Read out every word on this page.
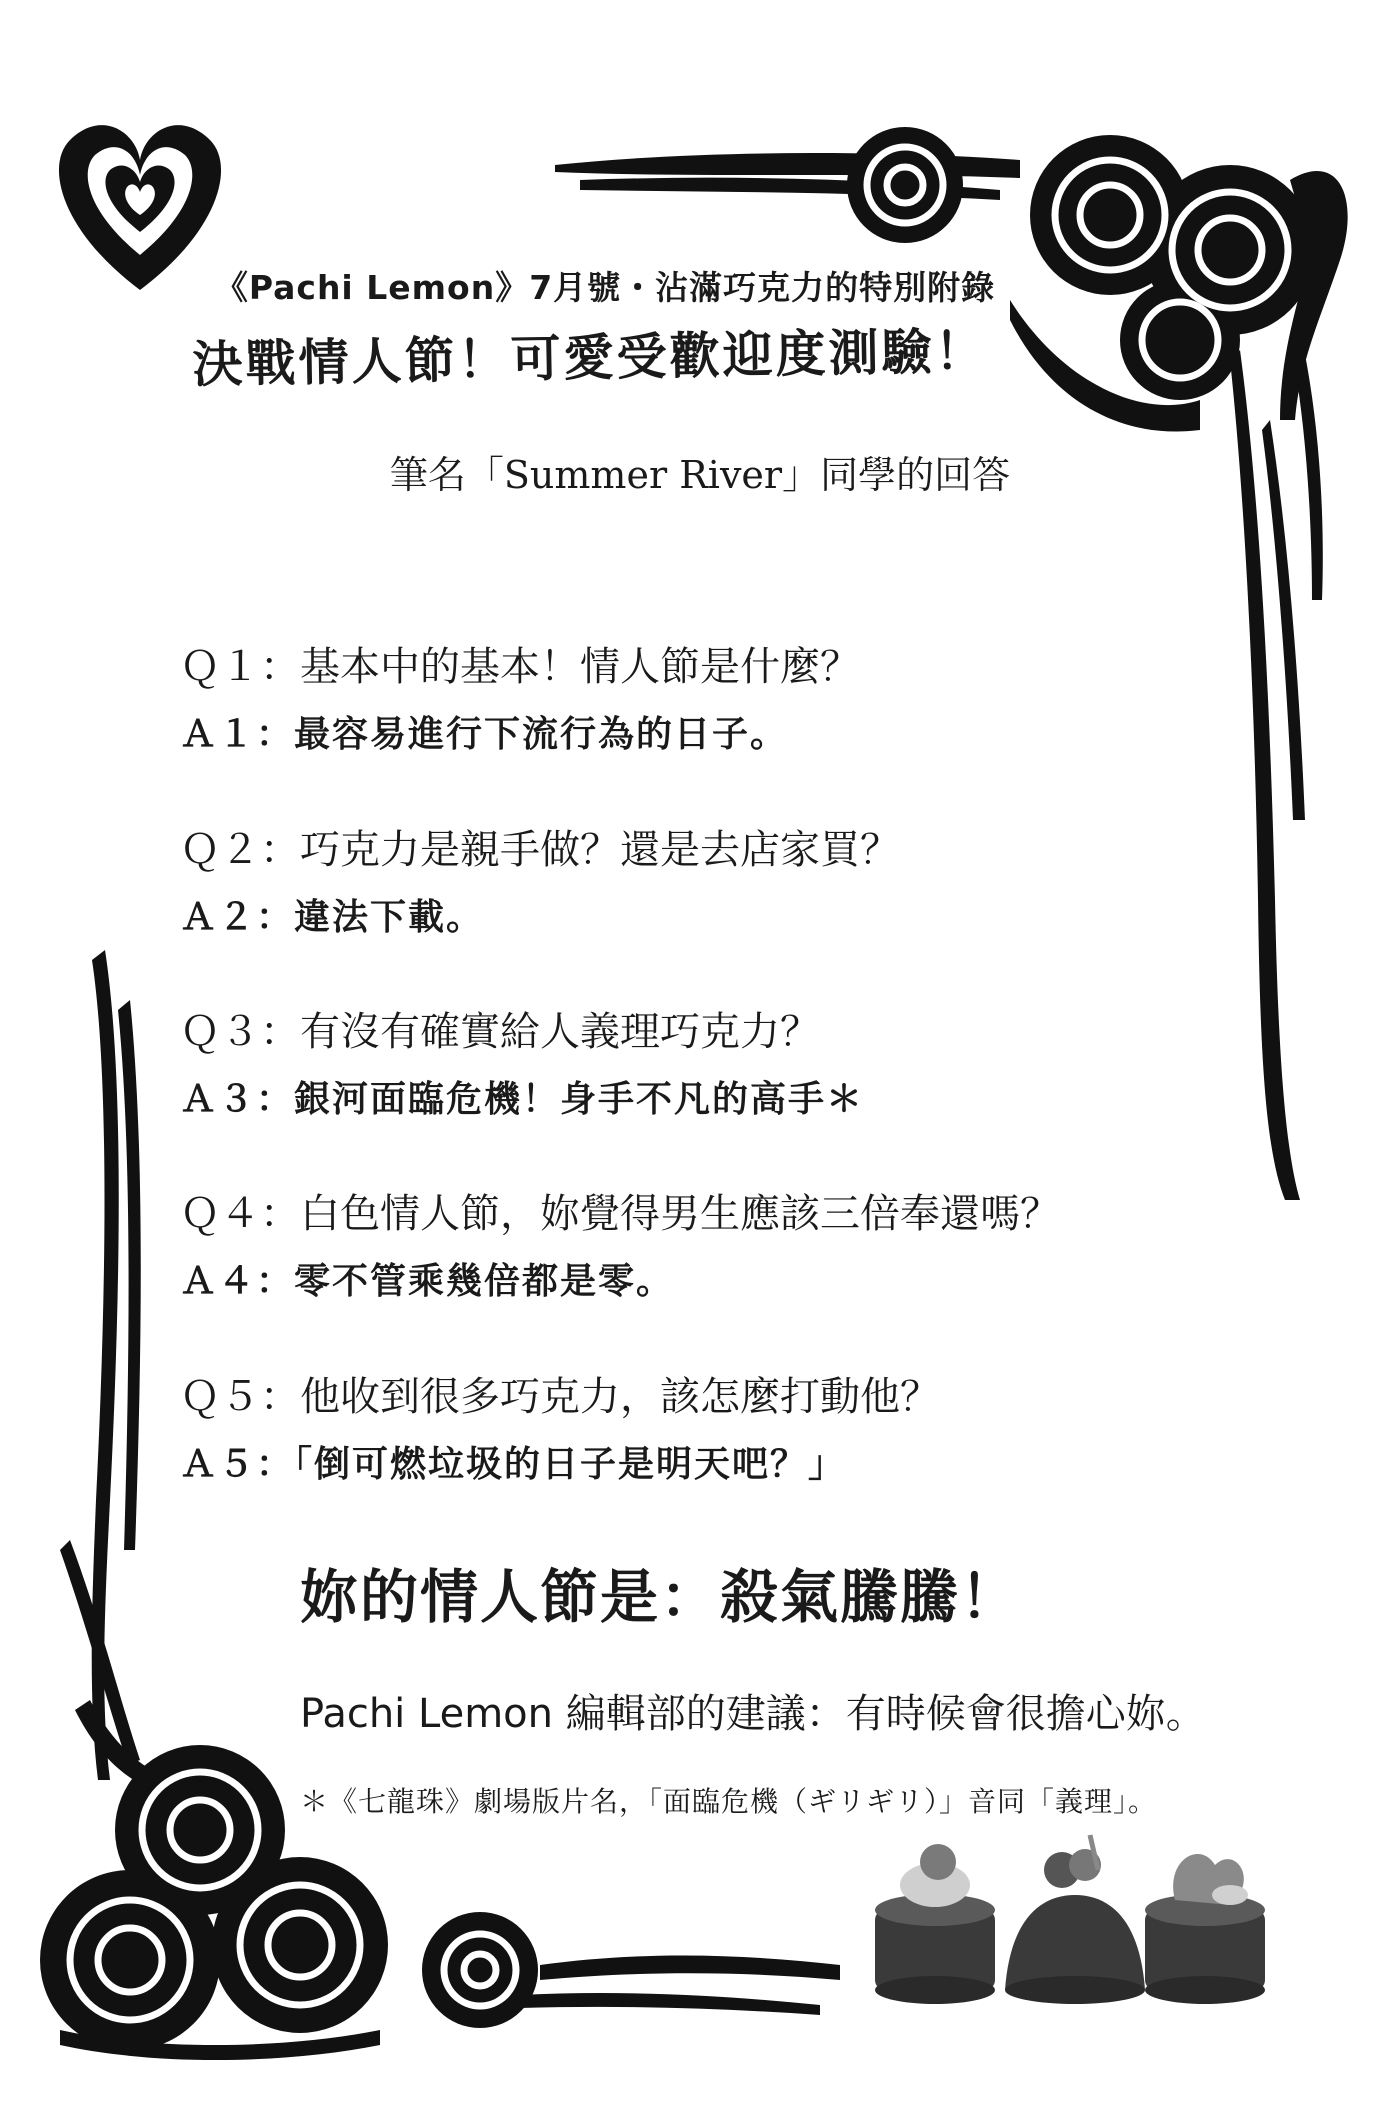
《Pachi Lemon》7月號・沾滿巧克力的特別附錄
決戰情人節！可愛受歡迎度測驗！
筆名「Summer River」同學的回答
Ｑ１：基本中的基本！情人節是什麼？
Ａ１：最容易進行下流行為的日子。
Ｑ２：巧克力是親手做？還是去店家買？
Ａ２：違法下載。
Ｑ３：有沒有確實給人義理巧克力？
Ａ３：銀河面臨危機！身手不凡的高手＊
Ｑ４：白色情人節，妳覺得男生應該三倍奉還嗎？
Ａ４：零不管乘幾倍都是零。
Ｑ５：他收到很多巧克力，該怎麼打動他？
Ａ５：「倒可燃垃圾的日子是明天吧？」
妳的情人節是：殺氣騰騰！
Pachi Lemon 編輯部的建議：有時候會很擔心妳。
＊《七龍珠》劇場版片名，「面臨危機（ギリギリ）」音同「義理」。
